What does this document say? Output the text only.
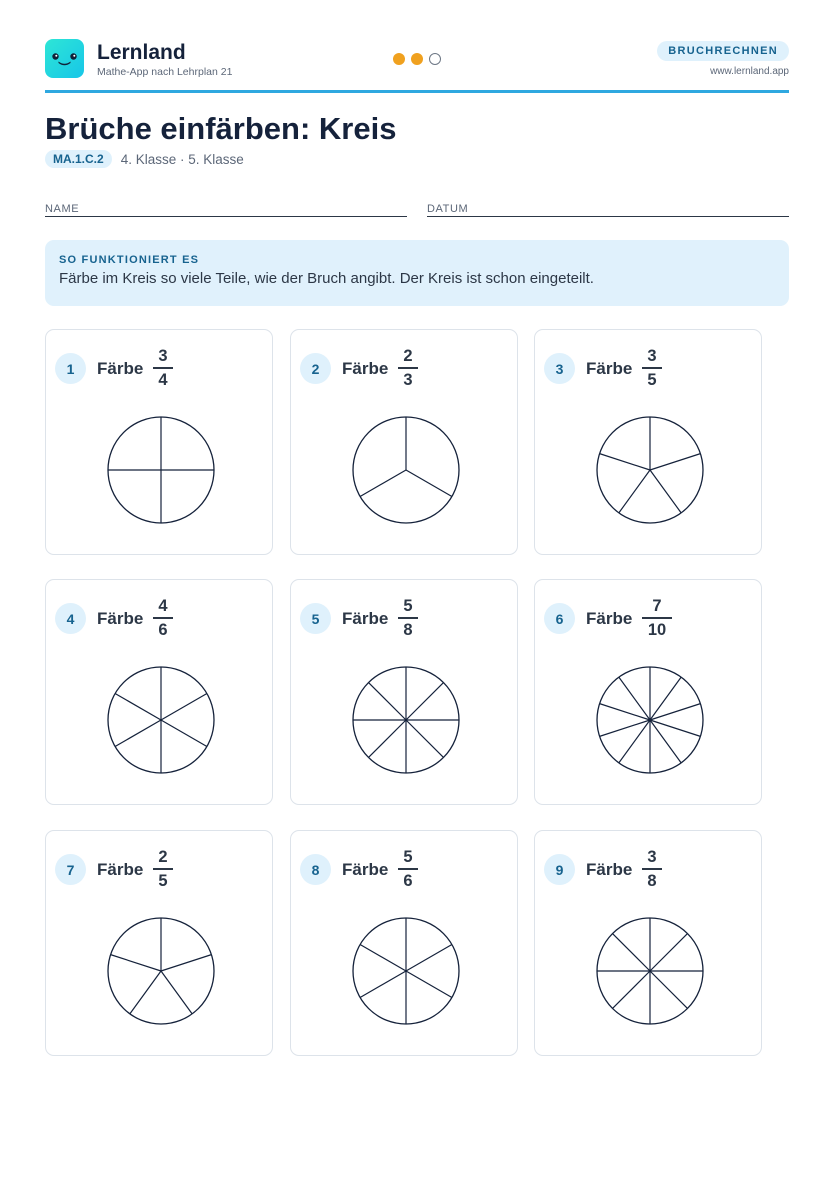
Lernland
Mathe-App nach Lehrplan 21
BRUCHRECHNEN
www.lernland.app
Brüche einfärben: Kreis
MA.1.C.2	4. Klasse · 5. Klasse
NAME	DATUM
SO FUNKTIONIERT ES
Färbe im Kreis so viele Teile, wie der Bruch angibt. Der Kreis ist schon eingeteilt.
1	Färbe
3
4
2	Färbe
2
3
3	Färbe
3
5
4	Färbe
4
6
5	Färbe
5
8
6	Färbe
7
10
7	Färbe
2
5
8	Färbe
5
6
9	Färbe
3
8
